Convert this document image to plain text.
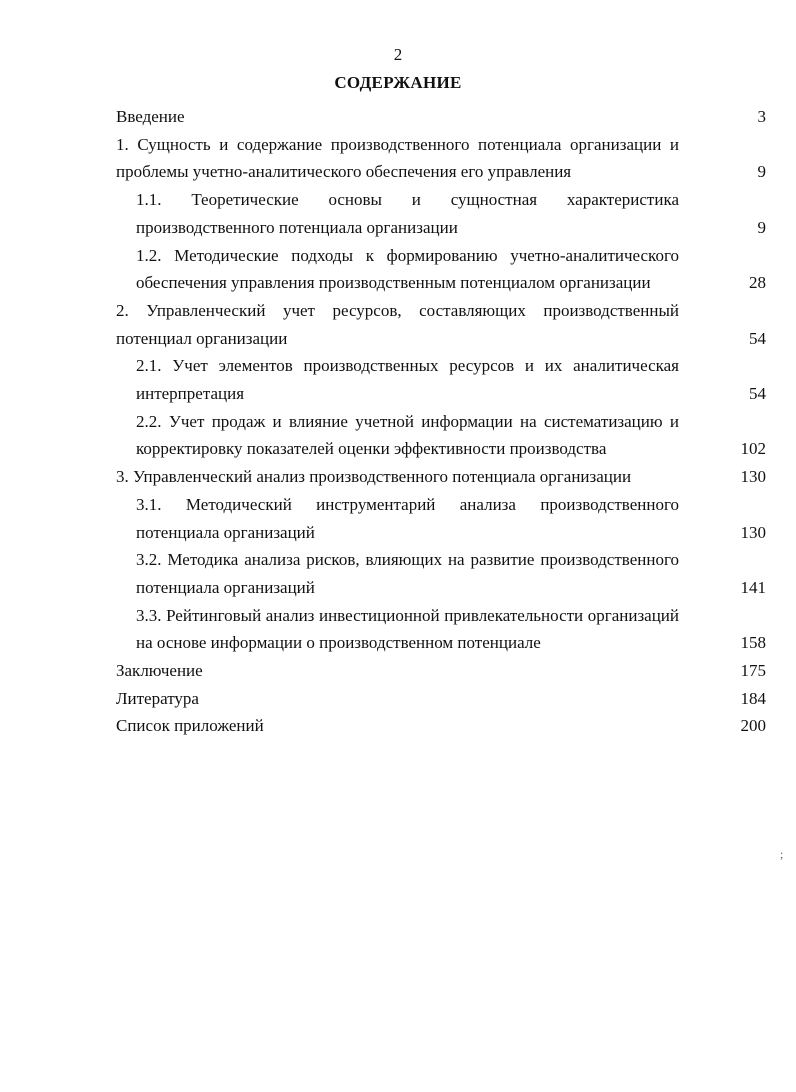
2
СОДЕРЖАНИЕ
Введение	3
1. Сущность и содержание производственного потенциала организации и проблемы учетно-аналитического обеспечения его управления	9
1.1. Теоретические основы и сущностная характеристика производственного потенциала организации	9
1.2. Методические подходы к формированию учетно-аналитического обеспечения управления производственным потенциалом организации	28
2. Управленческий учет ресурсов, составляющих производственный потенциал организации	54
2.1. Учет элементов производственных ресурсов и их аналитическая интерпретация	54
2.2. Учет продаж и влияние учетной информации на систематизацию и корректировку показателей оценки эффективности производства	102
3. Управленческий анализ производственного потенциала организации	130
3.1. Методический инструментарий анализа производственного потенциала организаций	130
3.2. Методика анализа рисков, влияющих на развитие производственного потенциала организаций	141
3.3. Рейтинговый анализ инвестиционной привлекательности организаций на основе информации о производственном потенциале	158
Заключение	175
Литература	184
Список приложений	200
;
